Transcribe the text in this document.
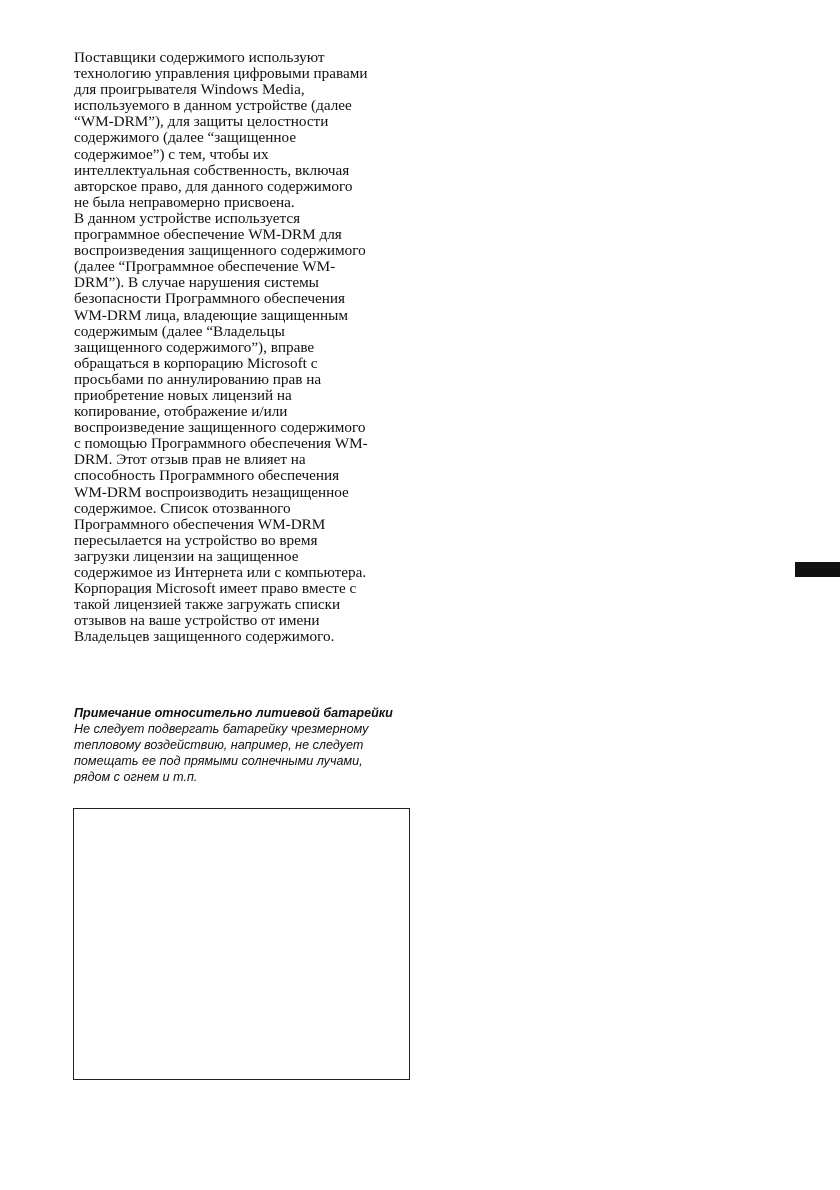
Поставщики содержимого используют
технологию управления цифровыми правами
для проигрывателя Windows Media,
используемого в данном устройстве (далее
“WM-DRM”), для защиты целостности
содержимого (далее “защищенное
содержимое”) с тем, чтобы их
интеллектуальная собственность, включая
авторское право, для данного содержимого
не была неправомерно присвоена.
В данном устройстве используется
программное обеспечение WM-DRM для
воспроизведения защищенного содержимого
(далее “Программное обеспечение WM-
DRM”). В случае нарушения системы
безопасности Программного обеспечения
WM-DRM лица, владеющие защищенным
содержимым (далее “Владельцы
защищенного содержимого”), вправе
обращаться в корпорацию Microsoft с
просьбами по аннулированию прав на
приобретение новых лицензий на
копирование, отображение и/или
воспроизведение защищенного содержимого
с помощью Программного обеспечения WM-
DRM. Этот отзыв прав не влияет на
способность Программного обеспечения
WM-DRM воспроизводить незащищенное
содержимое. Список отозванного
Программного обеспечения WM-DRM
пересылается на устройство во время
загрузки лицензии на защищенное
содержимое из Интернета или с компьютера.
Корпорация Microsoft имеет право вместе с
такой лицензией также загружать списки
отзывов на ваше устройство от имени
Владельцев защищенного содержимого.
Примечание относительно литиевой батарейки
Не следует подвергать батарейку чрезмерному
тепловому воздействию, например, не следует
помещать ее под прямыми солнечными лучами,
рядом с огнем и т.п.
